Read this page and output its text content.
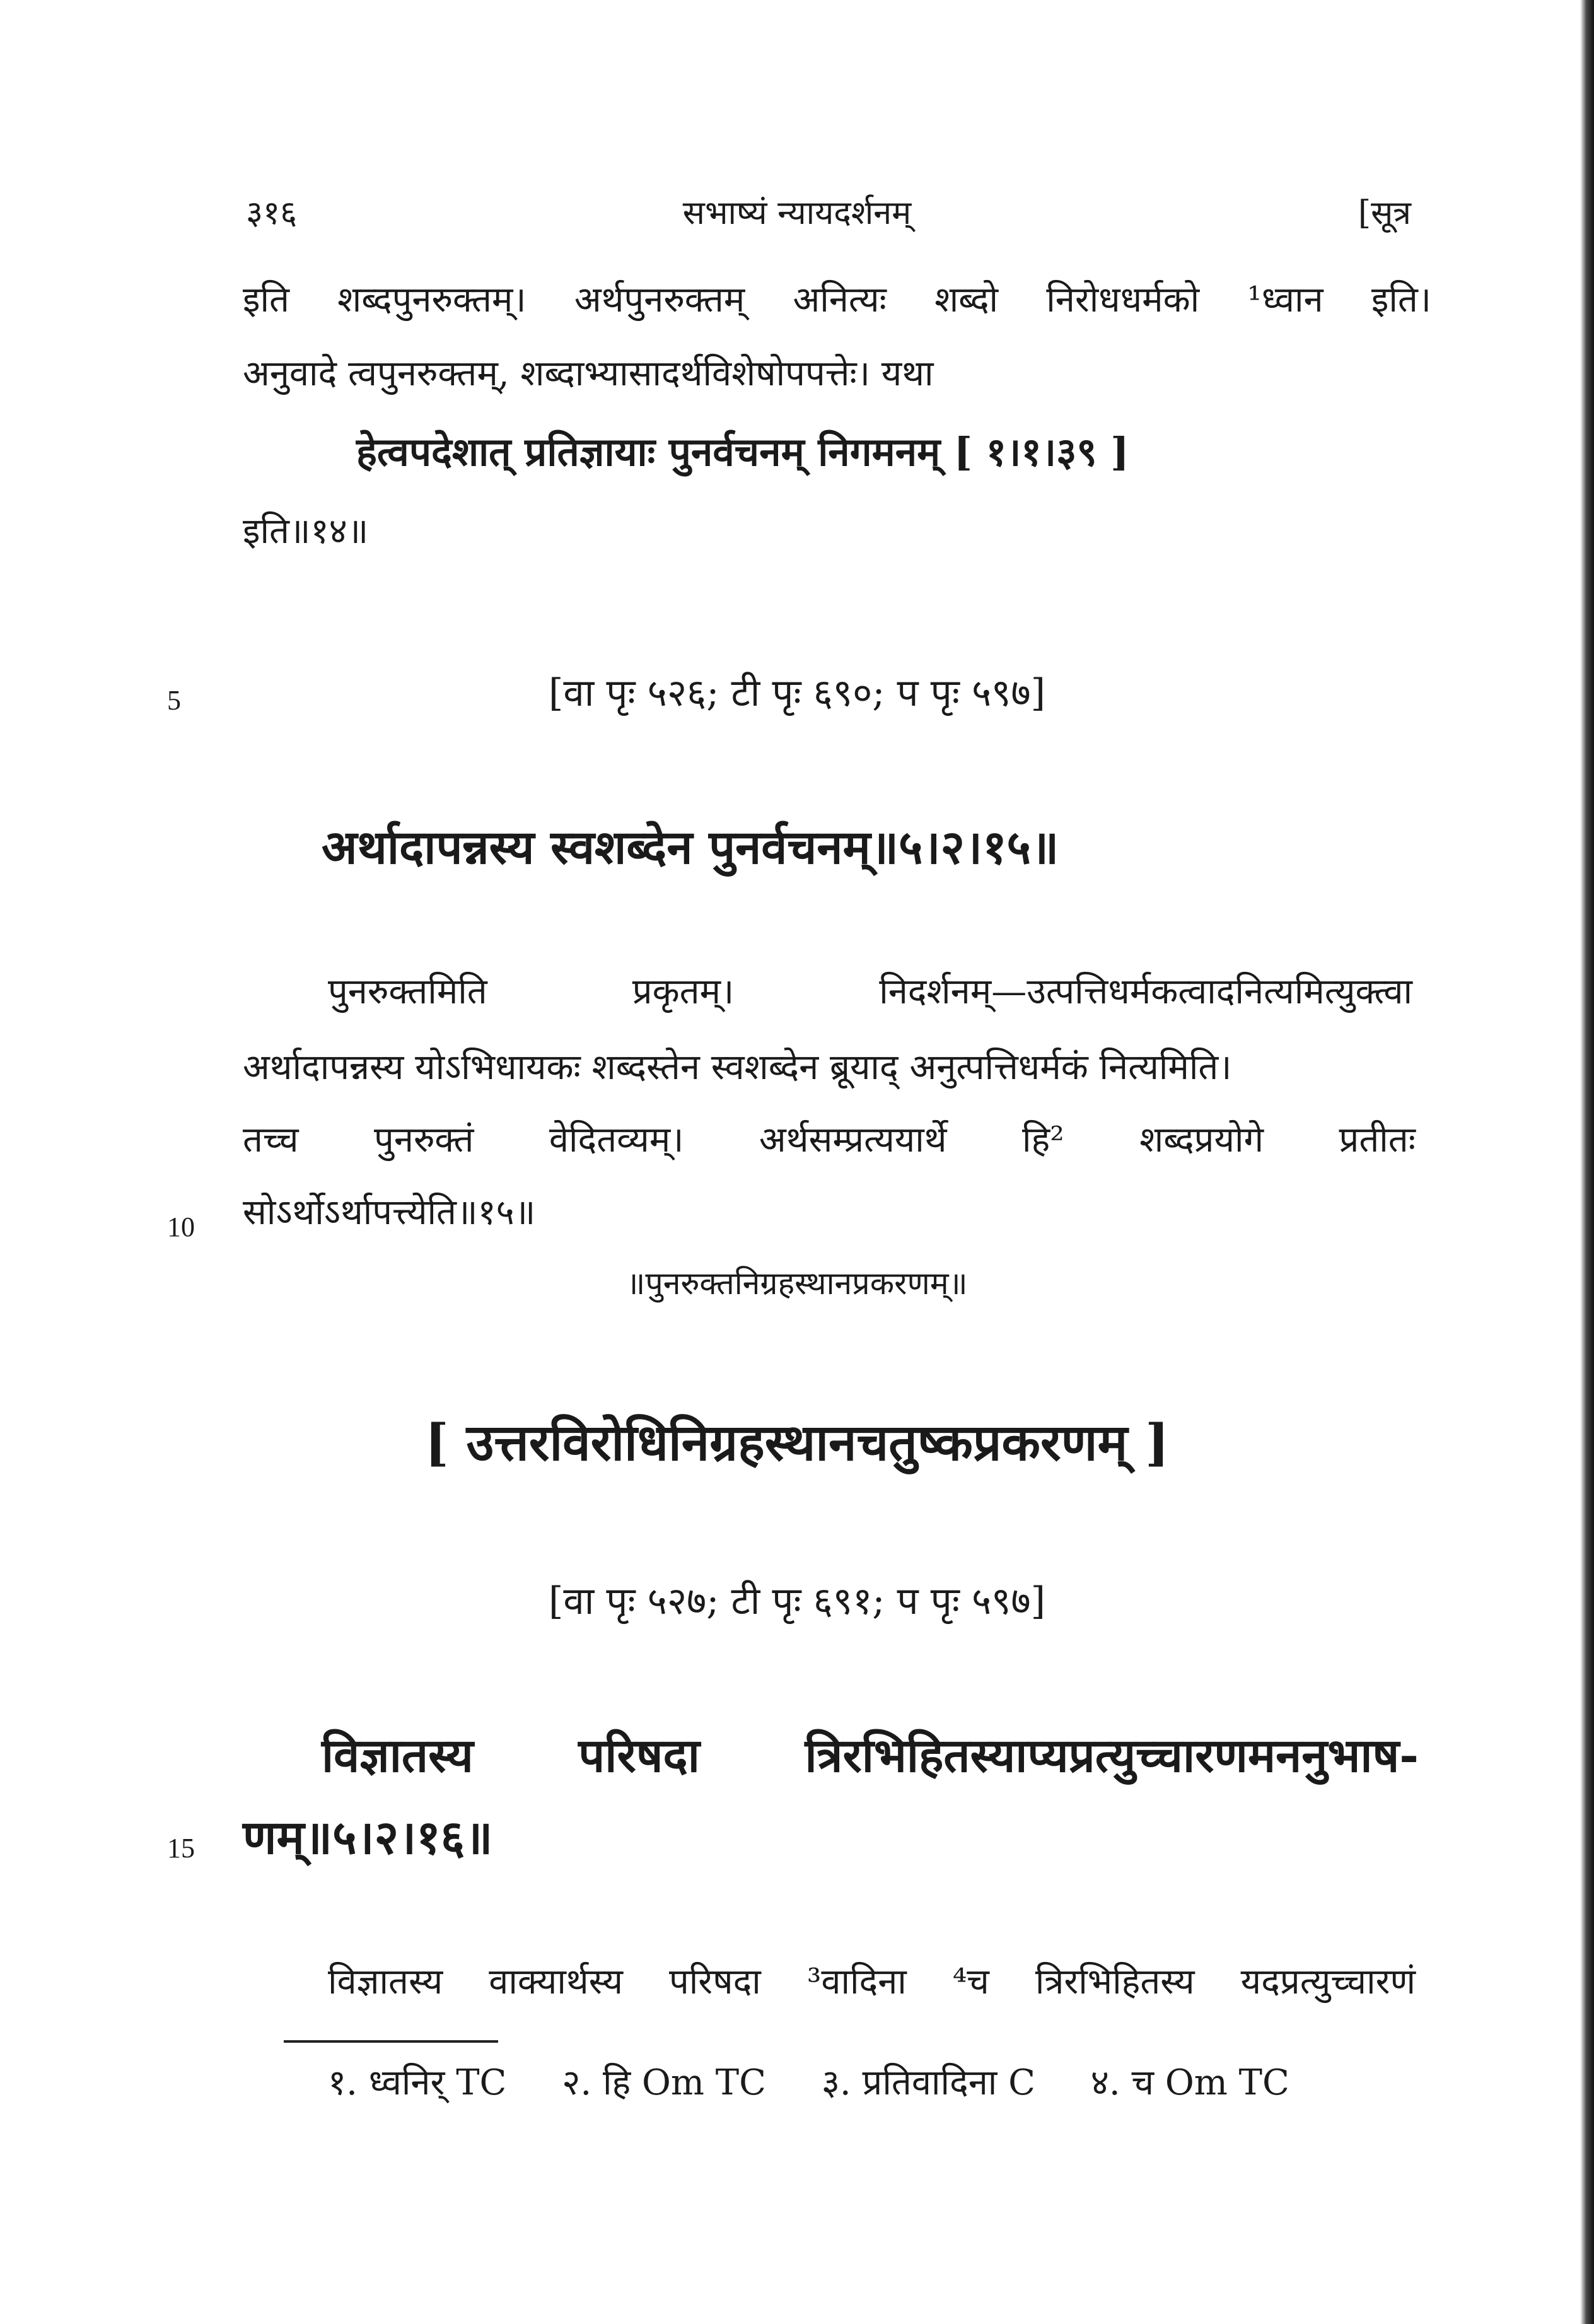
३१६	सभाष्यं न्यायदर्शनम्	[सूत्र
इति शब्दपुनरुक्तम्। अर्थपुनरुक्तम् अनित्यः शब्दो निरोधधर्मको ¹ध्वान इति।
अनुवादे त्वपुनरुक्तम्, शब्दाभ्यासादर्थविशेषोपपत्तेः। यथा
हेत्वपदेशात् प्रतिज्ञायाः पुनर्वचनम् निगमनम् [ १।१।३९ ]
इति॥१४॥
5	[वा पृः ५२६; टी पृः ६९०; प पृः ५९७]
अर्थादापन्नस्य स्वशब्देन पुनर्वचनम्॥५।२।१५॥
पुनरुक्तमिति प्रकृतम्। निदर्शनम्—उत्पत्तिधर्मकत्वादनित्यमित्युक्त्वा
अर्थादापन्नस्य योऽभिधायकः शब्दस्तेन स्वशब्देन ब्रूयाद् अनुत्पत्तिधर्मकं नित्यमिति।
तच्च पुनरुक्तं वेदितव्यम्। अर्थसम्प्रत्ययार्थे हि² शब्दप्रयोगे प्रतीतः
10 सोऽर्थोऽर्थापत्त्येति॥१५॥
॥पुनरुक्तनिग्रहस्थानप्रकरणम्॥
[ उत्तरविरोधिनिग्रहस्थानचतुष्कप्रकरणम् ]
[वा पृः ५२७; टी पृः ६९१; प पृः ५९७]
विज्ञातस्य परिषदा त्रिरभिहितस्याप्यप्रत्युच्चारणमननुभाष-
15 णम्॥५।२।१६॥
विज्ञातस्य वाक्यार्थस्य परिषदा ³वादिना ⁴च त्रिरभिहितस्य यदप्रत्युच्चारणं
१. ध्वनिर् TC २. हि Om TC ३. प्रतिवादिना C ४. च Om TC
